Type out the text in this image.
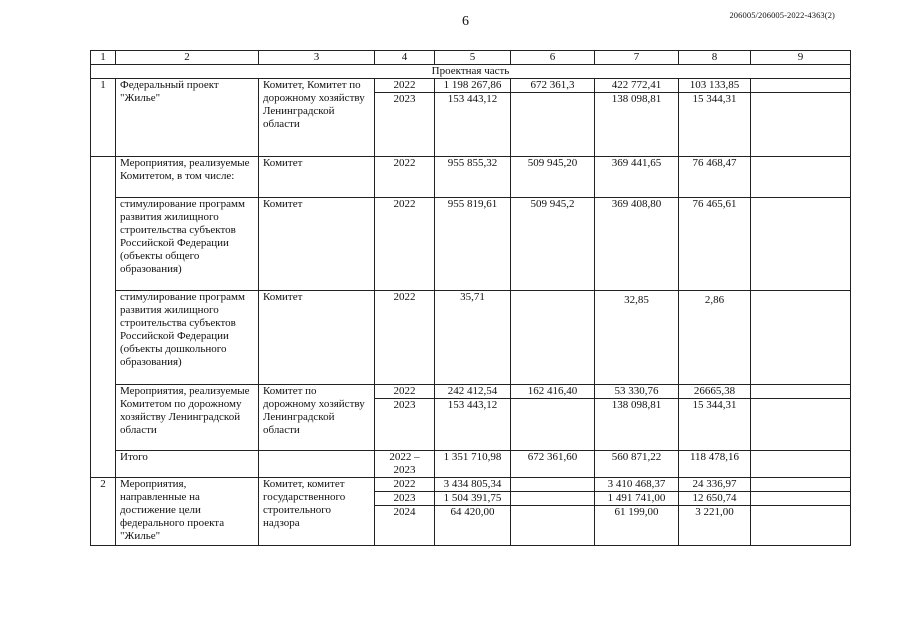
6	206005/206005-2022-4363(2)
1	2	3	4	5	6	7	8	9
Проектная часть								
1	Федеральный проект "Жилье"	Комитет, Комитет по дорожному хозяйству Ленинградской области	2022	1 198 267,86	672 361,3	422 772,41	103 133,85	
			2023	153 443,12		138 098,81	15 344,31	
	Мероприятия, реализуемые Комитетом, в том числе:	Комитет	2022	955 855,32	509 945,20	369 441,65	76 468,47	
	стимулирование программ развития жилищного строительства субъектов Российской Федерации (объекты общего образования)	Комитет	2022	955 819,61	509 945,2	369 408,80	76 465,61	
	стимулирование программ развития жилищного строительства субъектов Российской Федерации (объекты дошкольного образования)	Комитет	2022	35,71		32,85	2,86	
	Мероприятия, реализуемые Комитетом по дорожному хозяйству Ленинградской области	Комитет по дорожному хозяйству Ленинградской области	2022	242 412,54	162 416,40	53 330,76	26665,38	
			2023	153 443,12		138 098,81	15 344,31	
	Итого		2022 – 2023	1 351 710,98	672 361,60	560 871,22	118 478,16	
2	Мероприятия, направленные на достижение цели федерального проекта "Жилье"	Комитет, комитет государственного строительного надзора	2022	3 434 805,34		3 410 468,37	24 336,97	
			2023	1 504 391,75		1 491 741,00	12 650,74	
			2024	64 420,00		61 199,00	3 221,00	
